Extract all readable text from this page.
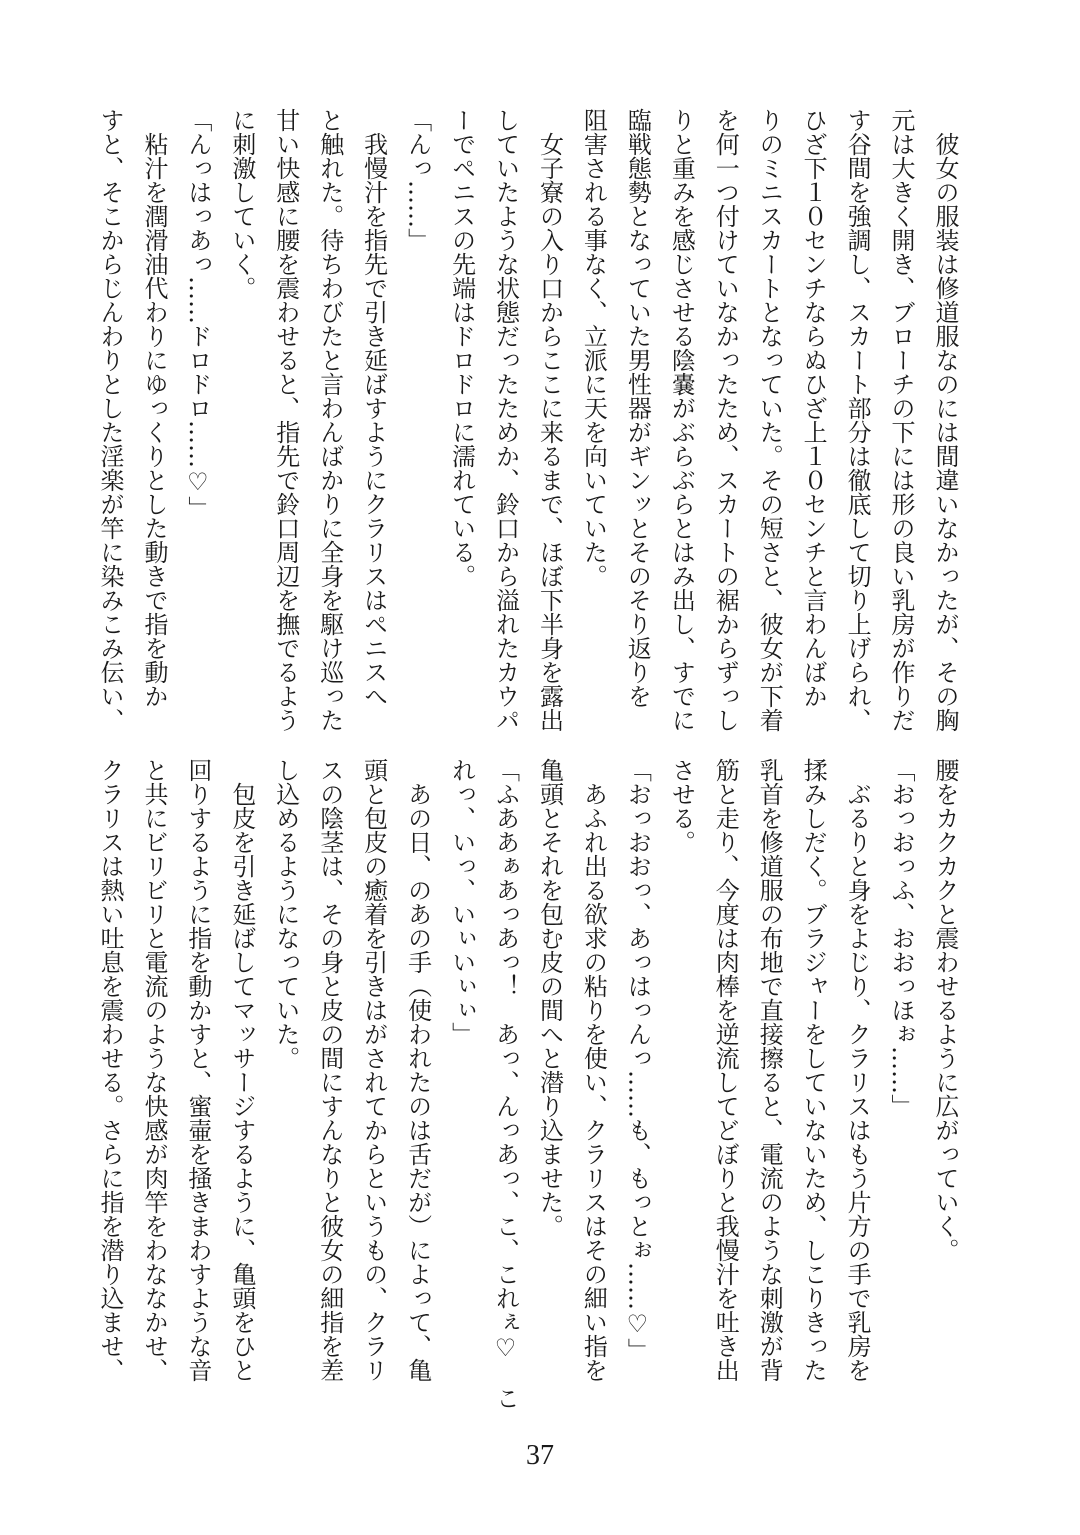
　彼女の服装は修道服なのには間違いなかったが、その胸
元は大きく開き、ブローチの下には形の良い乳房が作りだ
す谷間を強調し、スカート部分は徹底して切り上げられ、
ひざ下１０センチならぬひざ上１０センチと言わんばか
りのミニスカートとなっていた。その短さと、彼女が下着
を何一つ付けていなかったため、スカートの裾からずっし
りと重みを感じさせる陰嚢がぶらぶらとはみ出し、すでに
臨戦態勢となっていた男性器がギンッとそのそり返りを
阻害される事なく、立派に天を向いていた。
　女子寮の入り口からここに来るまで、ほぼ下半身を露出
していたような状態だったためか、鈴口から溢れたカウパ
ーでペニスの先端はドロドロに濡れている。
「んっ……」
　我慢汁を指先で引き延ばすようにクラリスはペニスへ
と触れた。待ちわびたと言わんばかりに全身を駆け巡った
甘い快感に腰を震わせると、指先で鈴口周辺を撫でるよう
に刺激していく。
「んっはっあっ……ドロドロ……♡」
　粘汁を潤滑油代わりにゆっくりとした動きで指を動か
すと、そこからじんわりとした淫楽が竿に染みこみ伝い、
腰をカクカクと震わせるように広がっていく。
「おっおっふ、おおっほぉ……」
　ぶるりと身をよじり、クラリスはもう片方の手で乳房を
揉みしだく。ブラジャーをしていないため、しこりきった
乳首を修道服の布地で直接擦ると、電流のような刺激が背
筋と走り、今度は肉棒を逆流してどぼりと我慢汁を吐き出
させる。
「おっおおっ、あっはっんっ……も、もっとぉ……♡」
　あふれ出る欲求の粘りを使い、クラリスはその細い指を
亀頭とそれを包む皮の間へと潜り込ませた。
「ふああぁあっあっ！　あっ、んっあっ、こ、これぇ♡　こ
れっ、いっ、いぃいぃぃ」
　あの日、のあの手（使われたのは舌だが）によって、亀
頭と包皮の癒着を引きはがされてからというもの、クラリ
スの陰茎は、その身と皮の間にすんなりと彼女の細指を差
し込めるようになっていた。
　包皮を引き延ばしてマッサージするように、亀頭をひと
回りするように指を動かすと、蜜壷を掻きまわすような音
と共にビリビリと電流のような快感が肉竿をわななかせ、
クラリスは熱い吐息を震わせる。さらに指を潜り込ませ、
37
